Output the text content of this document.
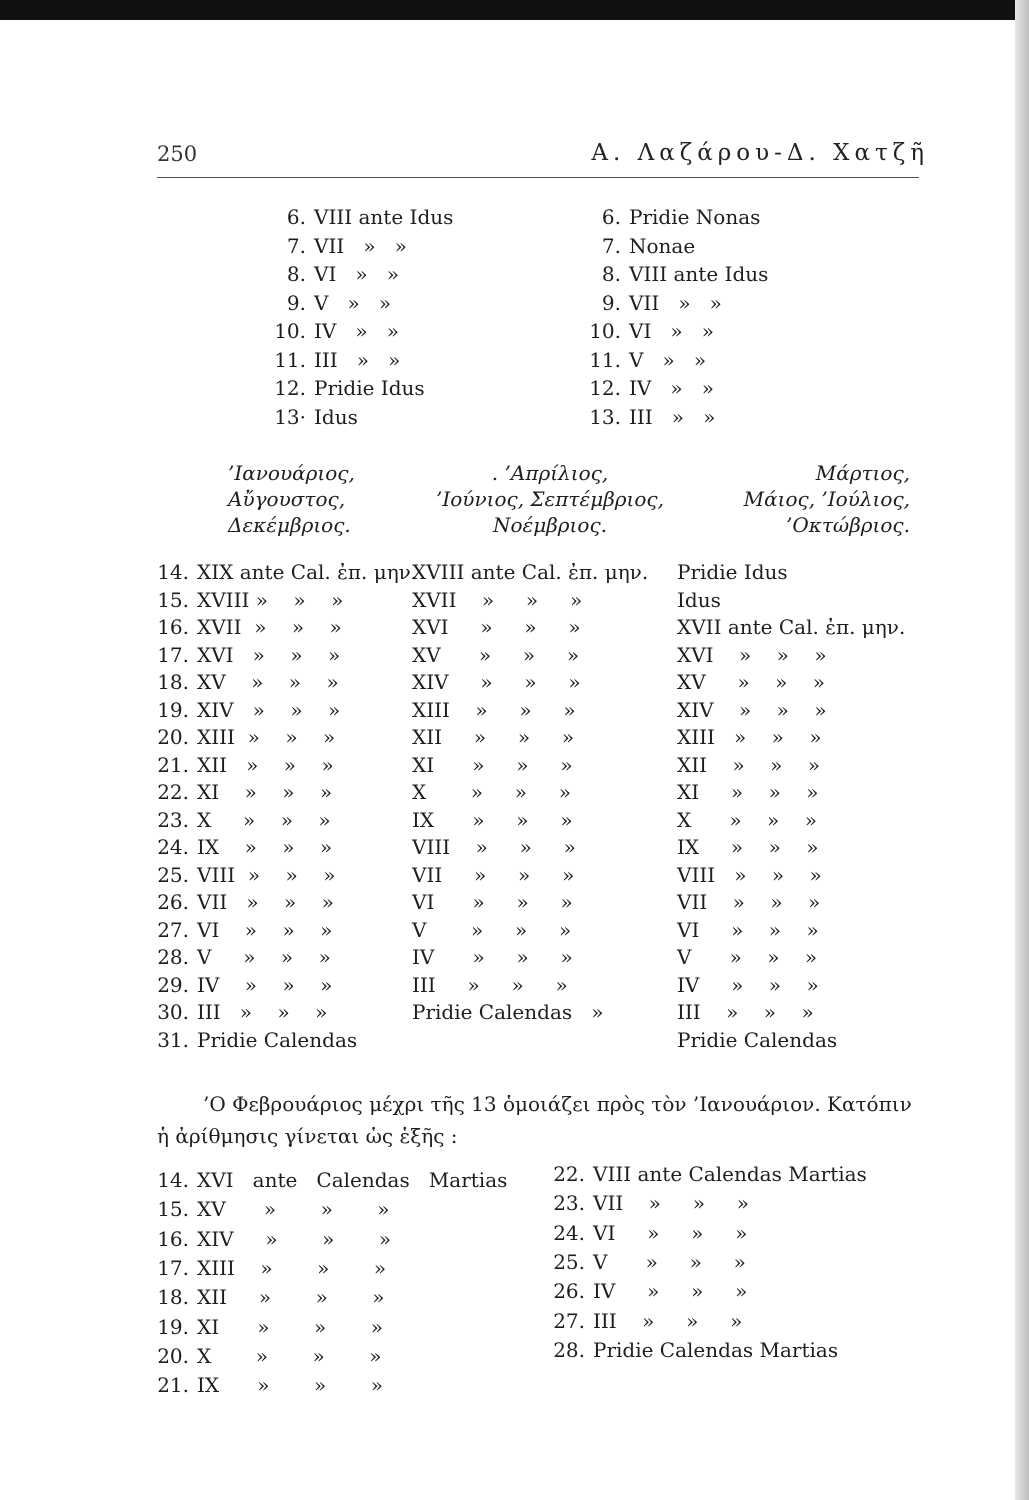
250	Α. Λαζάρου-Δ. Χατζῆ
6. VIII ante Idus
7. VII   »   »
8. VI   »   »
9. V   »   »
10. IV   »   »
11. III   »   »
12. Pridie Idus
13· Idus
6. Pridie Nonas
7. Nonae
8. VIII ante Idus
9. VII   »   »
10. VI   »   »
11. V   »   »
12. IV   »   »
13. III   »   »
’Ιανουάριος,
Αὔγουστος,
Δεκέμβριος.
. ’Απρίλιος,
’Ιούνιος, Σεπτέμβριος,
Νοέμβριος.
Μάρτιος,
Μάιος, ’Ιούλιος,
’Οκτώβριος.
14. XIX ante Cal. ἐπ. μην.
15. XVIII »    »    »
16. XVII  »    »    »
17. XVI   »    »    »
18. XV    »    »    »
19. XIV   »    »    »
20. XIII  »    »    »
21. XII   »    »    »
22. XI    »    »    »
23. X     »    »    »
24. IX    »    »    »
25. VIII  »    »    »
26. VII   »    »    »
27. VI    »    »    »
28. V     »    »    »
29. IV    »    »    »
30. III   »    »    »
31. Pridie Calendas
XVIII ante Cal. ἐπ. μην.
XVII    »     »     »
XVI     »     »     »
XV      »     »     »
XIV     »     »     »
XIII    »     »     »
XII     »     »     »
XI      »     »     »
X       »     »     »
IX      »     »     »
VIII    »     »     »
VII     »     »     »
VI      »     »     »
V       »     »     »
IV      »     »     »
III     »     »     »
Pridie Calendas   »
Pridie Idus
Idus
XVII ante Cal. ἐπ. μην.
XVI    »    »    »
XV     »    »    »
XIV    »    »    »
XIII   »    »    »
XII    »    »    »
XI     »    »    »
X      »    »    »
IX     »    »    »
VIII   »    »    »
VII    »    »    »
VI     »    »    »
V      »    »    »
IV     »    »    »
III    »    »    »
Pridie Calendas
’Ο Φεβρουάριος μέχρι τῆς 13 ὁμοιάζει πρὸς τὸν ’Ιανουάριον. Κατόπιν
ἡ ἀρίθμησις γίνεται ὡς ἑξῆς :
14. XVI   ante   Calendas   Martias
15. XV      »       »       »
16. XIV     »       »       »
17. XIII    »       »       »
18. XII     »       »       »
19. XI      »       »       »
20. X       »       »       »
21. IX      »       »       »
22. VIII ante Calendas Martias
23. VII    »     »     »
24. VI     »     »     »
25. V      »     »     »
26. IV     »     »     »
27. III    »     »     »
28. Pridie Calendas Martias
